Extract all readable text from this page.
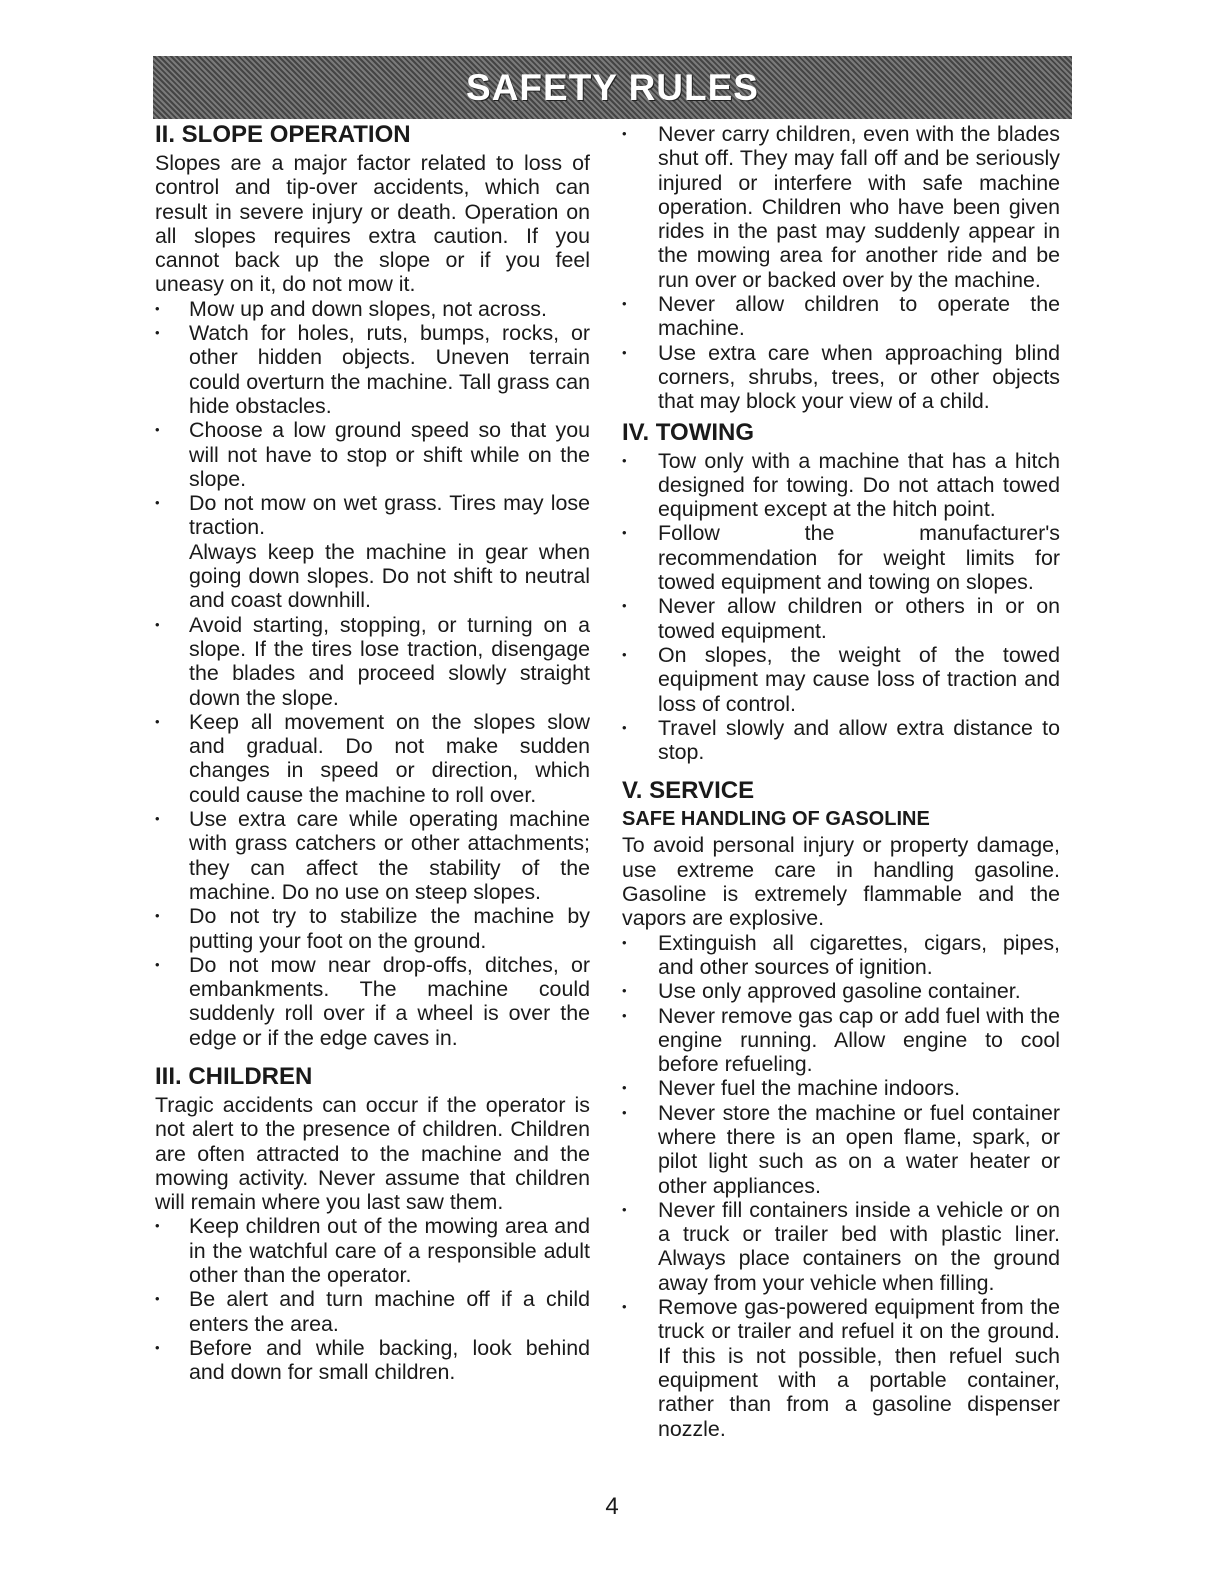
SAFETY RULES
II. SLOPE OPERATION

Slopes are a major factor related to loss of control and tip-over accidents, which can result in severe injury or death. Operation on all slopes requires extra caution. If you cannot back up the slope or if you feel uneasy on it, do not mow it.

• Mow up and down slopes, not across.
• Watch for holes, ruts, bumps, rocks, or other hidden objects. Uneven terrain could overturn the machine. Tall grass can hide obstacles.
• Choose a low ground speed so that you will not have to stop or shift while on the slope.

• Do not mow on wet grass. Tires may lose traction.

Always keep the machine in gear when going down slopes. Do not shift to neutral and coast downhill.

• Avoid starting, stopping, or turning on a slope. If the tires lose traction, disengage the blades and proceed slowly straight down the slope.
• Keep all movement on the slopes slow and gradual. Do not make sudden changes in speed or direction, which could cause the machine to roll over.
• Use extra care while operating machine with grass catchers or other attachments; they can affect the stability of the machine. Do no use on steep slopes.
• Do not try to stabilize the machine by putting your foot on the ground.
• Do not mow near drop-offs, ditches, or embankments. The machine could suddenly roll over if a wheel is over the edge or if the edge caves in.
III. CHILDREN

Tragic accidents can occur if the operator is not alert to the presence of children. Children are often attracted to the machine and the mowing activity. Never assume that children will remain where you last saw them.

• Keep children out of the mowing area and in the watchful care of a responsible adult other than the operator.
• Be alert and turn machine off if a child enters the area.
• Before and while backing, look behind and down for small children.
• Never carry children, even with the blades shut off. They may fall off and be seriously injured or interfere with safe machine operation. Children who have been given rides in the past may suddenly appear in the mowing area for another ride and be run over or backed over by the machine.
• Never allow children to operate the machine.
• Use extra care when approaching blind corners, shrubs, trees, or other objects that may block your view of a child.
IV. TOWING
• Tow only with a machine that has a hitch designed for towing. Do not attach towed equipment except at the hitch point.
• Follow the manufacturer's recommendation for weight limits for towed equipment and towing on slopes.
• Never allow children or others in or on towed equipment.
• On slopes, the weight of the towed equipment may cause loss of traction and loss of control.
• Travel slowly and allow extra distance to stop.
V. SERVICE
SAFE HANDLING OF GASOLINE

To avoid personal injury or property damage, use extreme care in handling gasoline. Gasoline is extremely flammable and the vapors are explosive.

• Extinguish all cigarettes, cigars, pipes, and other sources of ignition.
• Use only approved gasoline container.
• Never remove gas cap or add fuel with the engine running. Allow engine to cool before refueling.
• Never fuel the machine indoors.
• Never store the machine or fuel container where there is an open flame, spark, or pilot light such as on a water heater or other appliances.
• Never fill containers inside a vehicle or on a truck or trailer bed with plastic liner. Always place containers on the ground away from your vehicle when filling.
• Remove gas-powered equipment from the truck or trailer and refuel it on the ground. If this is not possible, then refuel such equipment with a portable container, rather than from a gasoline dispenser nozzle.
4
